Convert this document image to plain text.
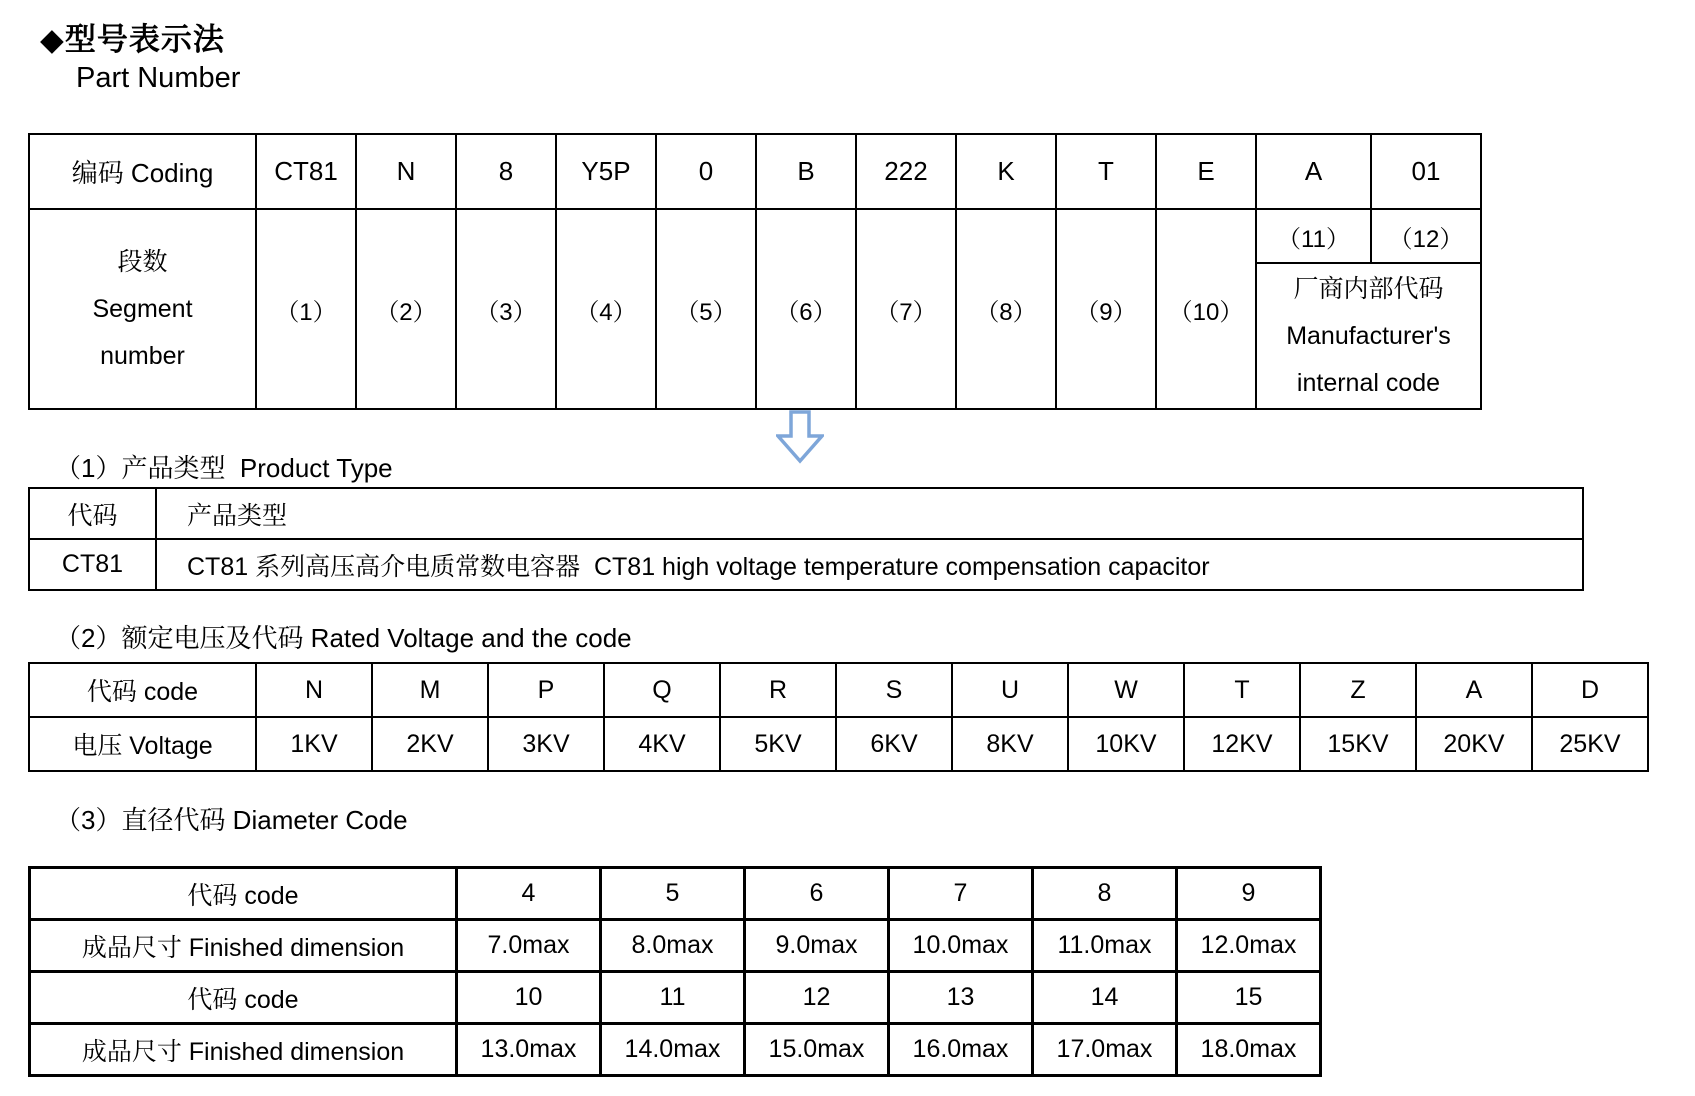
◆型号表示法
Part Number
编码 Coding	CT81	N	8	Y5P	0	B	222	K	T	E	A	01

段数
Segment
number	（1）	（2）	（3）	（4）	（5）	（6）	（7）	（8）	（9）	（10）	（11）	（12）

											厂商内部代码
Manufacturer's
internal code	
（1）产品类型  Product Type
代码	产品类型
CT81	CT81 系列高压高介电质常数电容器  CT81 high voltage temperature compensation capacitor
（2）额定电压及代码 Rated Voltage and the code
代码 code	N	M	P	Q	R	S	U	W	T	Z	A	D
电压 Voltage	1KV	2KV	3KV	4KV	5KV	6KV	8KV	10KV	12KV	15KV	20KV	25KV
（3）直径代码 Diameter Code
代码 code	4	5	6	7	8	9
成品尺寸 Finished dimension	7.0max	8.0max	9.0max	10.0max	11.0max	12.0max
代码 code	10	11	12	13	14	15
成品尺寸 Finished dimension	13.0max	14.0max	15.0max	16.0max	17.0max	18.0max
